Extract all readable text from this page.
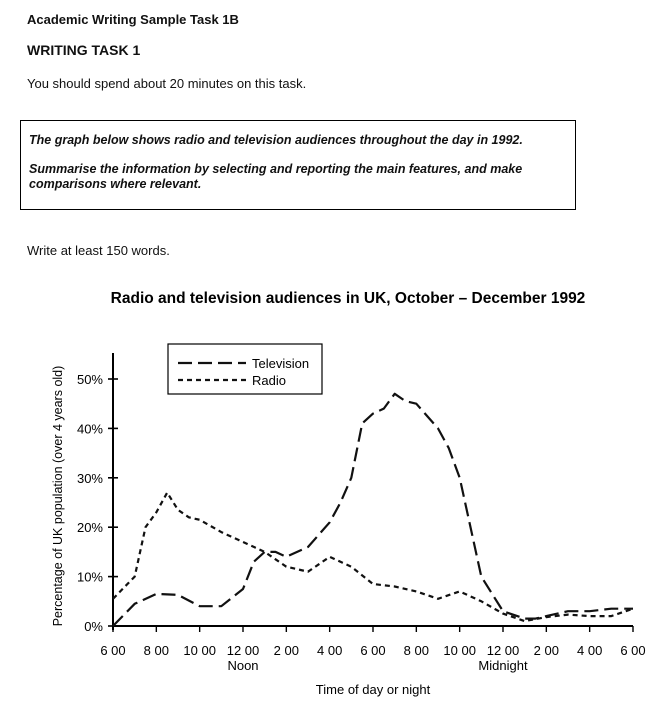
Academic Writing Sample Task 1B
WRITING TASK 1
You should spend about 20 minutes on this task.

The graph below shows radio and television audiences throughout the day in 1992.

Summarise the information by selecting and reporting the main features, and make comparisons where relevant.

Write at least 150 words.
Radio and television audiences in UK, October – December 1992
Percentage of UK population (over 4 years old)
Time of day or night
0%
10%
20%
30%
40%
50%
6 00 8 00 10 00 12 00 2 00 4 00 6 00 8 00 10 00 12 00 2 00 4 00 6 00
Noon	Midnight
Television
Radio
